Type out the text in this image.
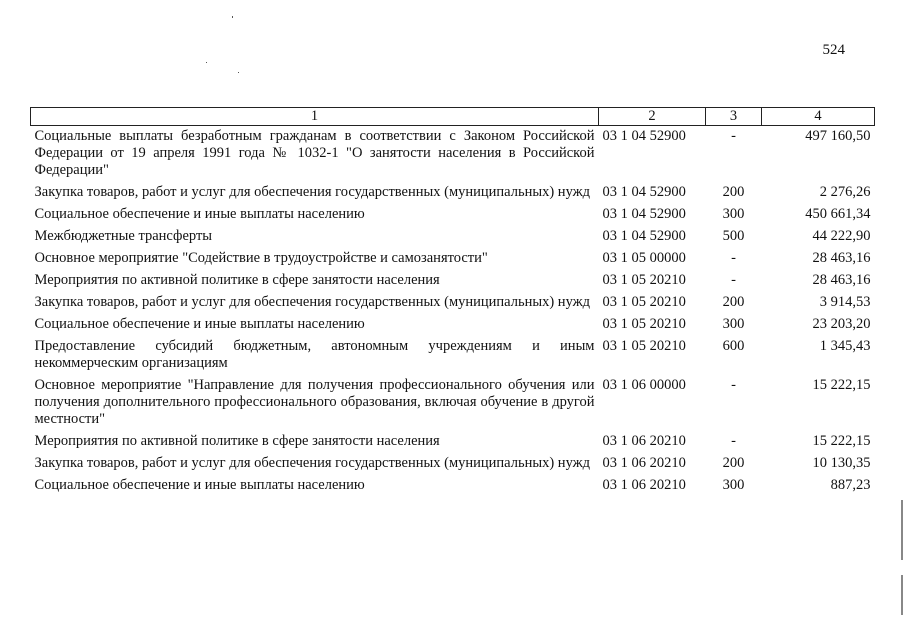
524
1	2	3	4
Социальные выплаты безработным гражданам в соответствии с Законом Российской Федерации от 19 апреля 1991 года № 1032-1 "О занятости населения в Российской Федерации"	03 1 04 52900	-	497 160,50
Закупка товаров, работ и услуг для обеспечения государственных (муниципальных) нужд	03 1 04 52900	200	2 276,26
Социальное обеспечение и иные выплаты населению	03 1 04 52900	300	450 661,34
Межбюджетные трансферты	03 1 04 52900	500	44 222,90
Основное мероприятие "Содействие в трудоустройстве и самозанятости"	03 1 05 00000	-	28 463,16
Мероприятия по активной политике в сфере занятости населения	03 1 05 20210	-	28 463,16
Закупка товаров, работ и услуг для обеспечения государственных (муниципальных) нужд	03 1 05 20210	200	3 914,53
Социальное обеспечение и иные выплаты населению	03 1 05 20210	300	23 203,20
Предоставление субсидий бюджетным, автономным учреждениям и иным некоммерческим организациям	03 1 05 20210	600	1 345,43
Основное мероприятие "Направление для получения профессионального обучения или получения дополнительного профессионального образования, включая обучение в другой местности"	03 1 06 00000	-	15 222,15
Мероприятия по активной политике в сфере занятости населения	03 1 06 20210	-	15 222,15
Закупка товаров, работ и услуг для обеспечения государственных (муниципальных) нужд	03 1 06 20210	200	10 130,35
Социальное обеспечение и иные выплаты населению	03 1 06 20210	300	887,23
